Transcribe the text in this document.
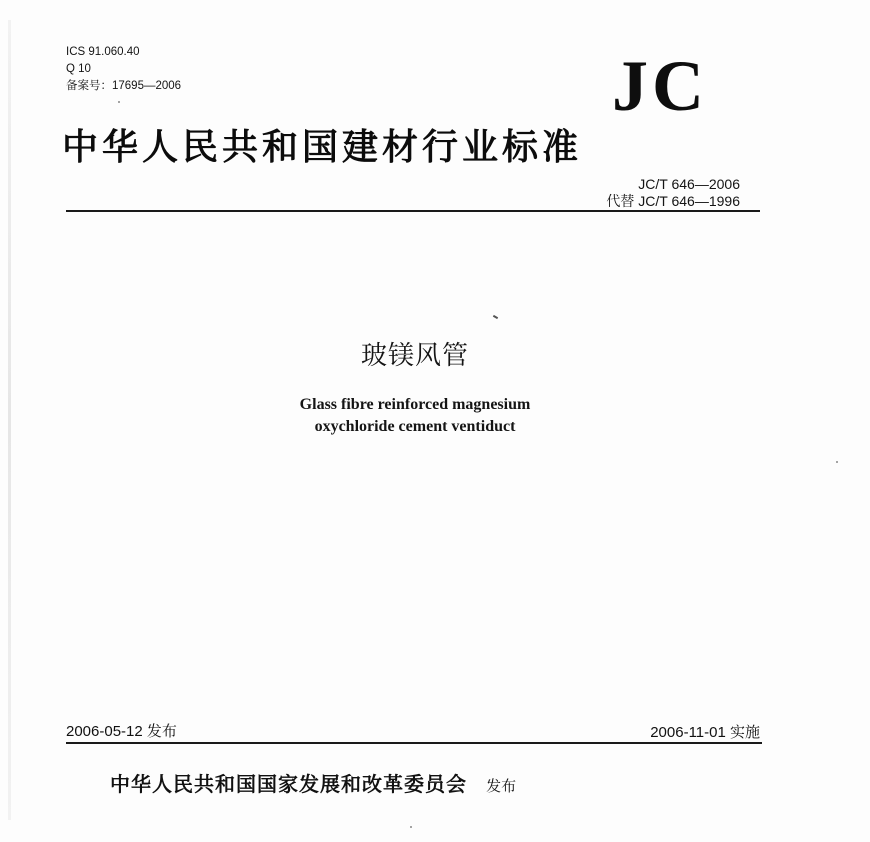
ICS 91.060.40
Q 10
备案号：17695—2006	JC
中华人民共和国建材行业标准
JC/T 646—2006
代替 JC/T 646—1996
玻镁风管
Glass fibre reinforced magnesium
oxychloride cement ventiduct
2006-05-12 发布	2006-11-01 实施
中华人民共和国国家发展和改革委员会 发布
